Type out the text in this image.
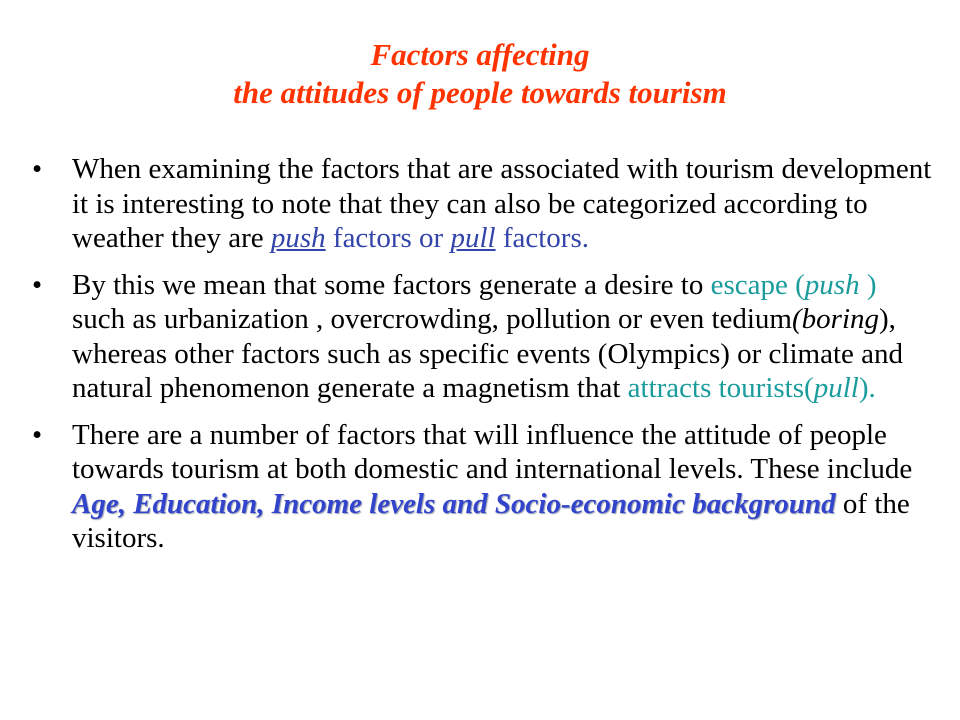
Factors affecting
the attitudes of people towards tourism
•	When examining the factors that are associated with tourism development it is interesting to note that they can also be categorized according to weather they are push factors or pull factors.
•	By this we mean that some factors generate a desire to escape (push ) such as urbanization , overcrowding, pollution or even tedium(boring), whereas other factors such as specific events (Olympics) or climate and natural phenomenon generate a magnetism that attracts tourists(pull).
•	There are a number of factors that will influence the attitude of people towards tourism at both domestic and international levels. These include Age, Education, Income levels and Socio-economic background of the visitors.
